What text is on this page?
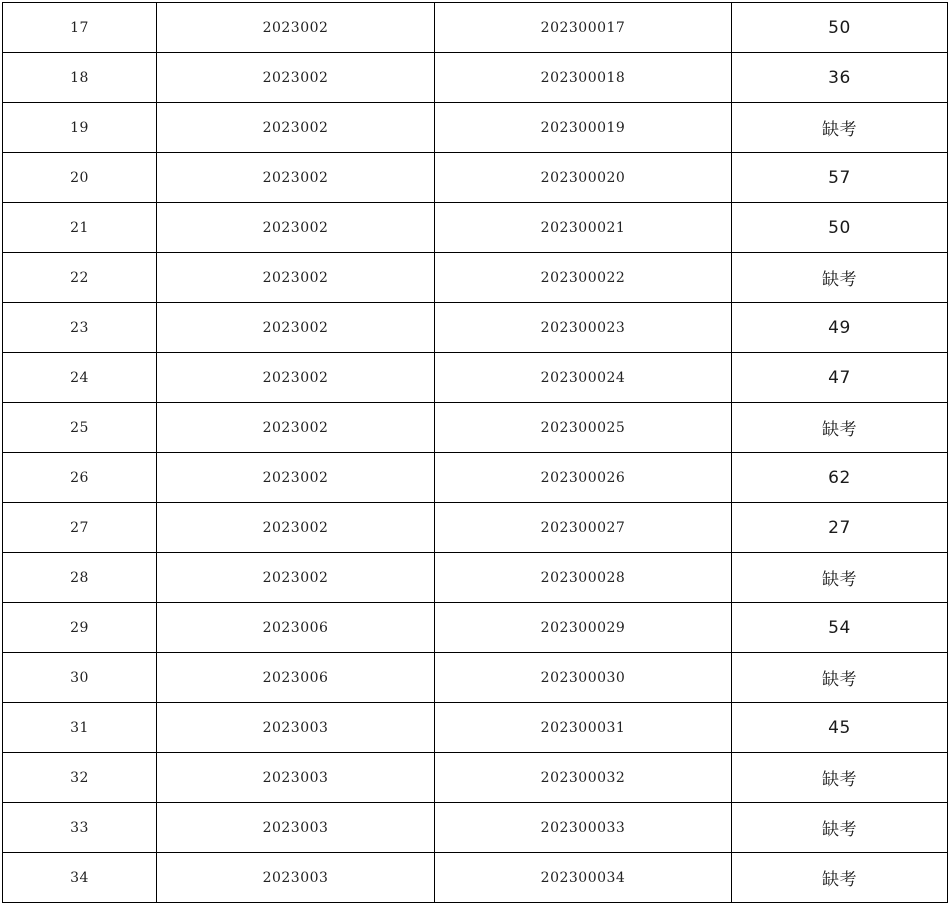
17	2023002	202300017	50
18	2023002	202300018	36
19	2023002	202300019	缺考
20	2023002	202300020	57
21	2023002	202300021	50
22	2023002	202300022	缺考
23	2023002	202300023	49
24	2023002	202300024	47
25	2023002	202300025	缺考
26	2023002	202300026	62
27	2023002	202300027	27
28	2023002	202300028	缺考
29	2023006	202300029	54
30	2023006	202300030	缺考
31	2023003	202300031	45
32	2023003	202300032	缺考
33	2023003	202300033	缺考
34	2023003	202300034	缺考
